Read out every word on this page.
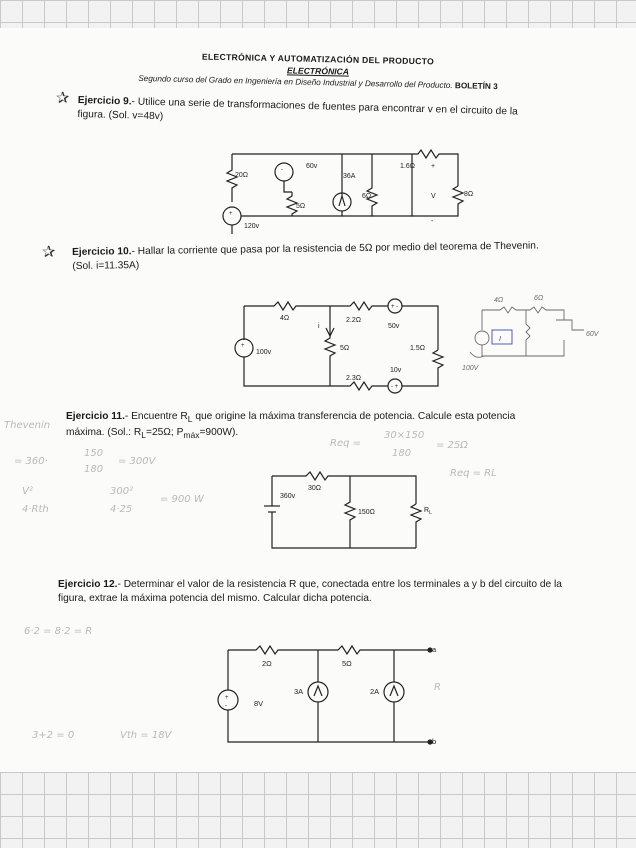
ELECTRÓNICA Y AUTOMATIZACIÓN DEL PRODUCTO
ELECTRÓNICA
Segundo curso del Grado en Ingeniería en Diseño Industrial y Desarrollo del Producto. BOLETÍN 3
✰ Ejercicio 9.- Utilice una serie de transformaciones de fuentes para encontrar v en el circuito de la figura. (Sol. v=48v)
20Ω
120v
60v
5Ω
36A
6Ω
1.6Ω +
V
-
8Ω
+
-
✰ Ejercicio 10.- Hallar la corriente que pasa por la resistencia de 5Ω por medio del teorema de Thevenin. (Sol. i=11.35A)
4Ω	2.2Ω
50v
i
5Ω
100v
1.5Ω
10v
2.3Ω
+
+ -
- +
4Ω	6Ω
60V
100V
I
Ejercicio 11.- Encuentre $R_L$ que origine la máxima transferencia de potencia. Calcule esta potencia máxima. (Sol.: $R_L=25\Omega$; $P_{máx}=900W$).
30Ω
360v
150Ω	$R_L$
Ejercicio 12.- Determinar el valor de la resistencia R que, conectada entre los terminales a y b del circuito de la figura, extrae la máxima potencia del mismo. Calcular dicha potencia.
2Ω	5Ω
8V
3A	2A
a
b
+
-
Thevenin
= 360·
150
180
= 300V
Req =
30×150
180
= 25Ω
Req = RL
V²
4·Rth
300²
4·25
= 900 W
6·2 = 8·2 = R
3+2 = 0	Vth = 18V
R
